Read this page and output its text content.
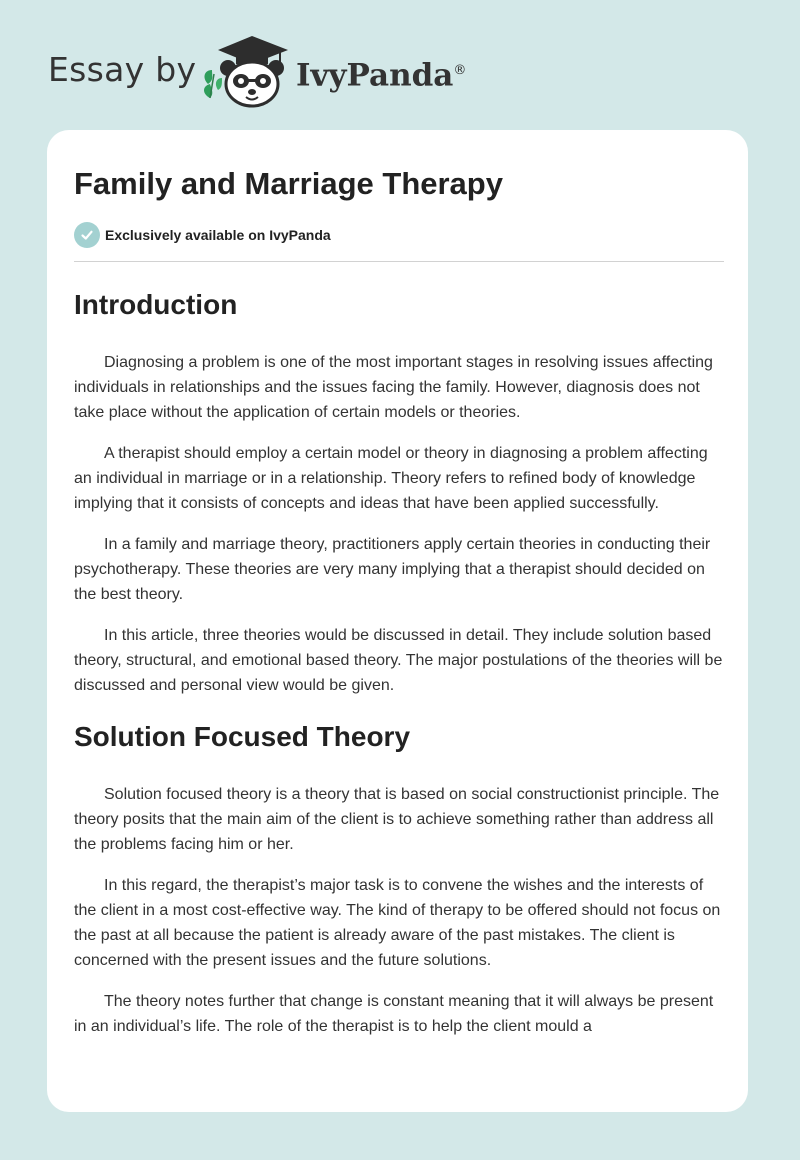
Essay by	IvyPanda®
Family and Marriage Therapy
Exclusively available on IvyPanda
Introduction

Diagnosing a problem is one of the most important stages in resolving issues affecting individuals in relationships and the issues facing the family. However, diagnosis does not take place without the application of certain models or theories.

A therapist should employ a certain model or theory in diagnosing a problem affecting an individual in marriage or in a relationship. Theory refers to refined body of knowledge implying that it consists of concepts and ideas that have been applied successfully.

In a family and marriage theory, practitioners apply certain theories in conducting their psychotherapy. These theories are very many implying that a therapist should decided on the best theory.

In this article, three theories would be discussed in detail. They include solution based theory, structural, and emotional based theory. The major postulations of the theories will be discussed and personal view would be given.

Solution Focused Theory

Solution focused theory is a theory that is based on social constructionist principle. The theory posits that the main aim of the client is to achieve something rather than address all the problems facing him or her.

In this regard, the therapist’s major task is to convene the wishes and the interests of the client in a most cost-effective way. The kind of therapy to be offered should not focus on the past at all because the patient is already aware of the past mistakes. The client is concerned with the present issues and the future solutions.

The theory notes further that change is constant meaning that it will always be present in an individual’s life. The role of the therapist is to help the client mould a
